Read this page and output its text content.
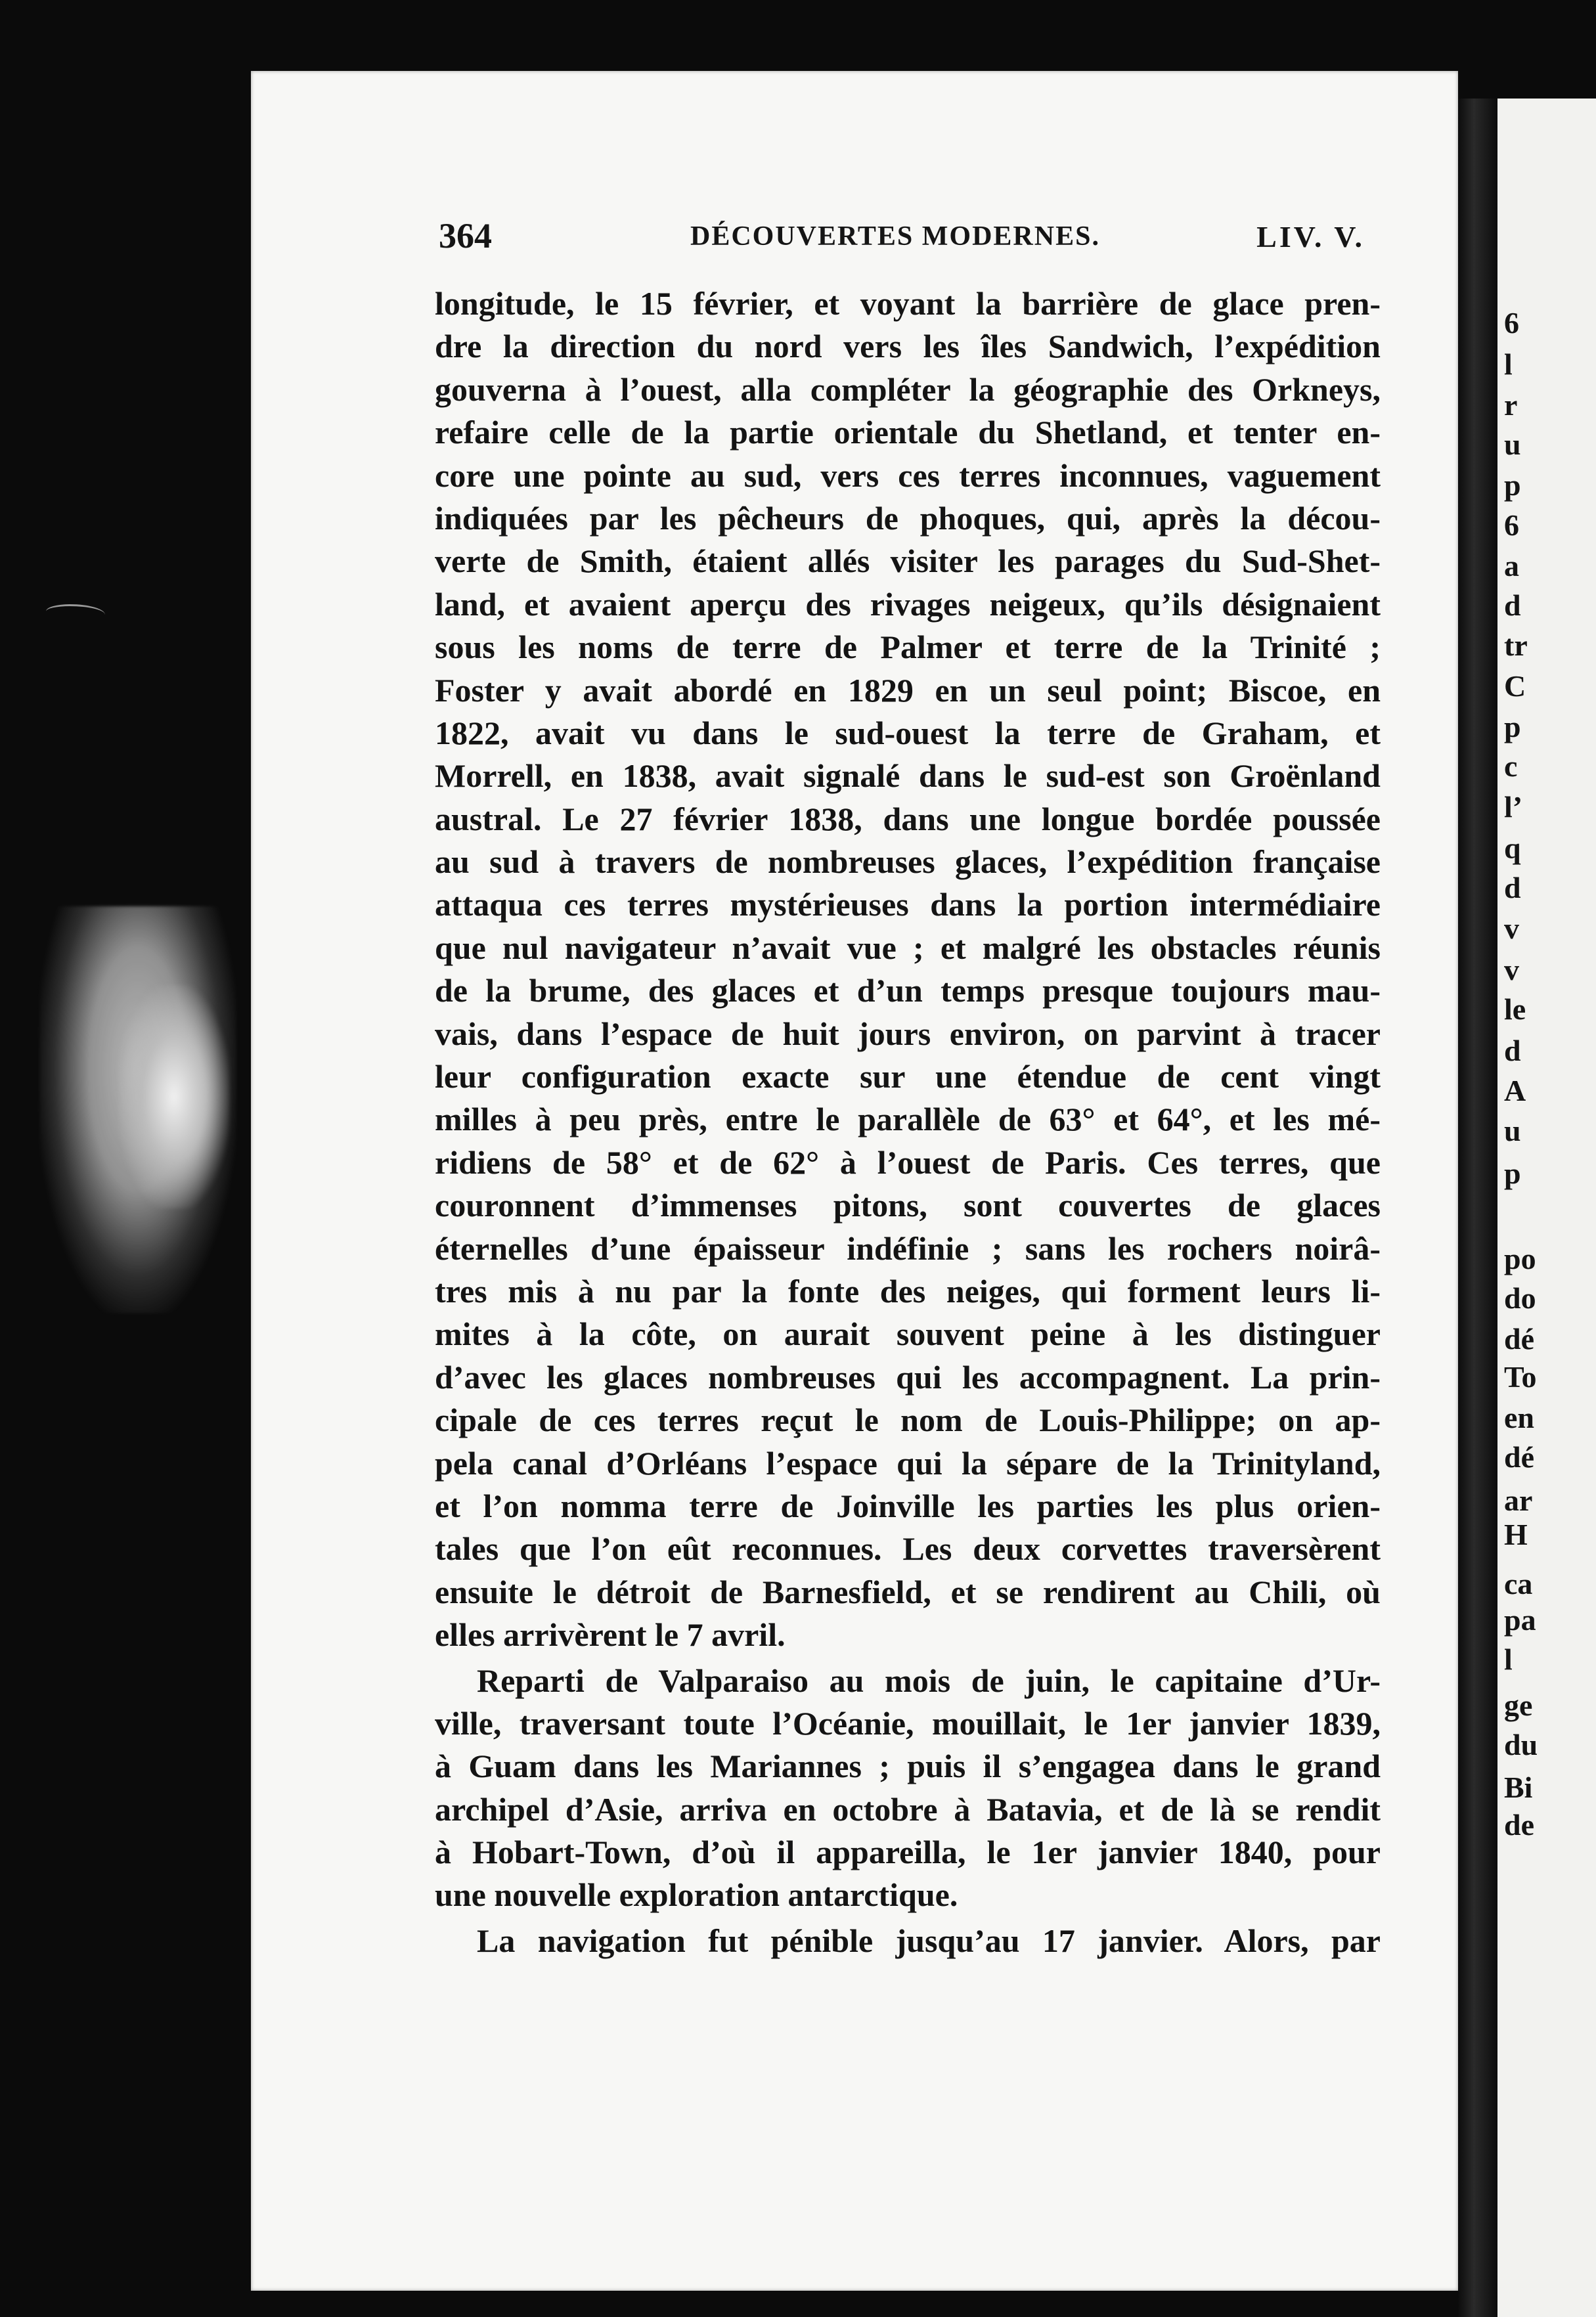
364	DÉCOUVERTES MODERNES.	LIV. V.
longitude, le 15 février, et voyant la barrière de glace pren-
dre la direction du nord vers les îles Sandwich, l’expédition
gouverna à l’ouest, alla compléter la géographie des Orkneys,
refaire celle de la partie orientale du Shetland, et tenter en-
core une pointe au sud, vers ces terres inconnues, vaguement
indiquées par les pêcheurs de phoques, qui, après la décou-
verte de Smith, étaient allés visiter les parages du Sud-Shet-
land, et avaient aperçu des rivages neigeux, qu’ils désignaient
sous les noms de terre de Palmer et terre de la Trinité ;
Foster y avait abordé en 1829 en un seul point; Biscoe, en
1822, avait vu dans le sud-ouest la terre de Graham, et
Morrell, en 1838, avait signalé dans le sud-est son Groënland
austral. Le 27 février 1838, dans une longue bordée poussée
au sud à travers de nombreuses glaces, l’expédition française
attaqua ces terres mystérieuses dans la portion intermédiaire
que nul navigateur n’avait vue ; et malgré les obstacles réunis
de la brume, des glaces et d’un temps presque toujours mau-
vais, dans l’espace de huit jours environ, on parvint à tracer
leur configuration exacte sur une étendue de cent vingt
milles à peu près, entre le parallèle de 63° et 64°, et les mé-
ridiens de 58° et de 62° à l’ouest de Paris. Ces terres, que
couronnent d’immenses pitons, sont couvertes de glaces
éternelles d’une épaisseur indéfinie ; sans les rochers noirâ-
tres mis à nu par la fonte des neiges, qui forment leurs li-
mites à la côte, on aurait souvent peine à les distinguer
d’avec les glaces nombreuses qui les accompagnent. La prin-
cipale de ces terres reçut le nom de Louis-Philippe; on ap-
pela canal d’Orléans l’espace qui la sépare de la Trinityland,
et l’on nomma terre de Joinville les parties les plus orien-
tales que l’on eût reconnues. Les deux corvettes traversèrent
ensuite le détroit de Barnesfield, et se rendirent au Chili, où
elles arrivèrent le 7 avril.
Reparti de Valparaiso au mois de juin, le capitaine d’Ur-
ville, traversant toute l’Océanie, mouillait, le 1er janvier 1839,
à Guam dans les Mariannes ; puis il s’engagea dans le grand
archipel d’Asie, arriva en octobre à Batavia, et de là se rendit
à Hobart-Town, d’où il appareilla, le 1er janvier 1840, pour
une nouvelle exploration antarctique.
La navigation fut pénible jusqu’au 17 janvier. Alors, par
6
l
r
u
p
6
a
d
tr
C
p
c
l’
q
d
v
v
le
d
A
u
p
po
do
dé
To
en
dé
ar
H
ca
pa
l
ge
du
Bi
de
